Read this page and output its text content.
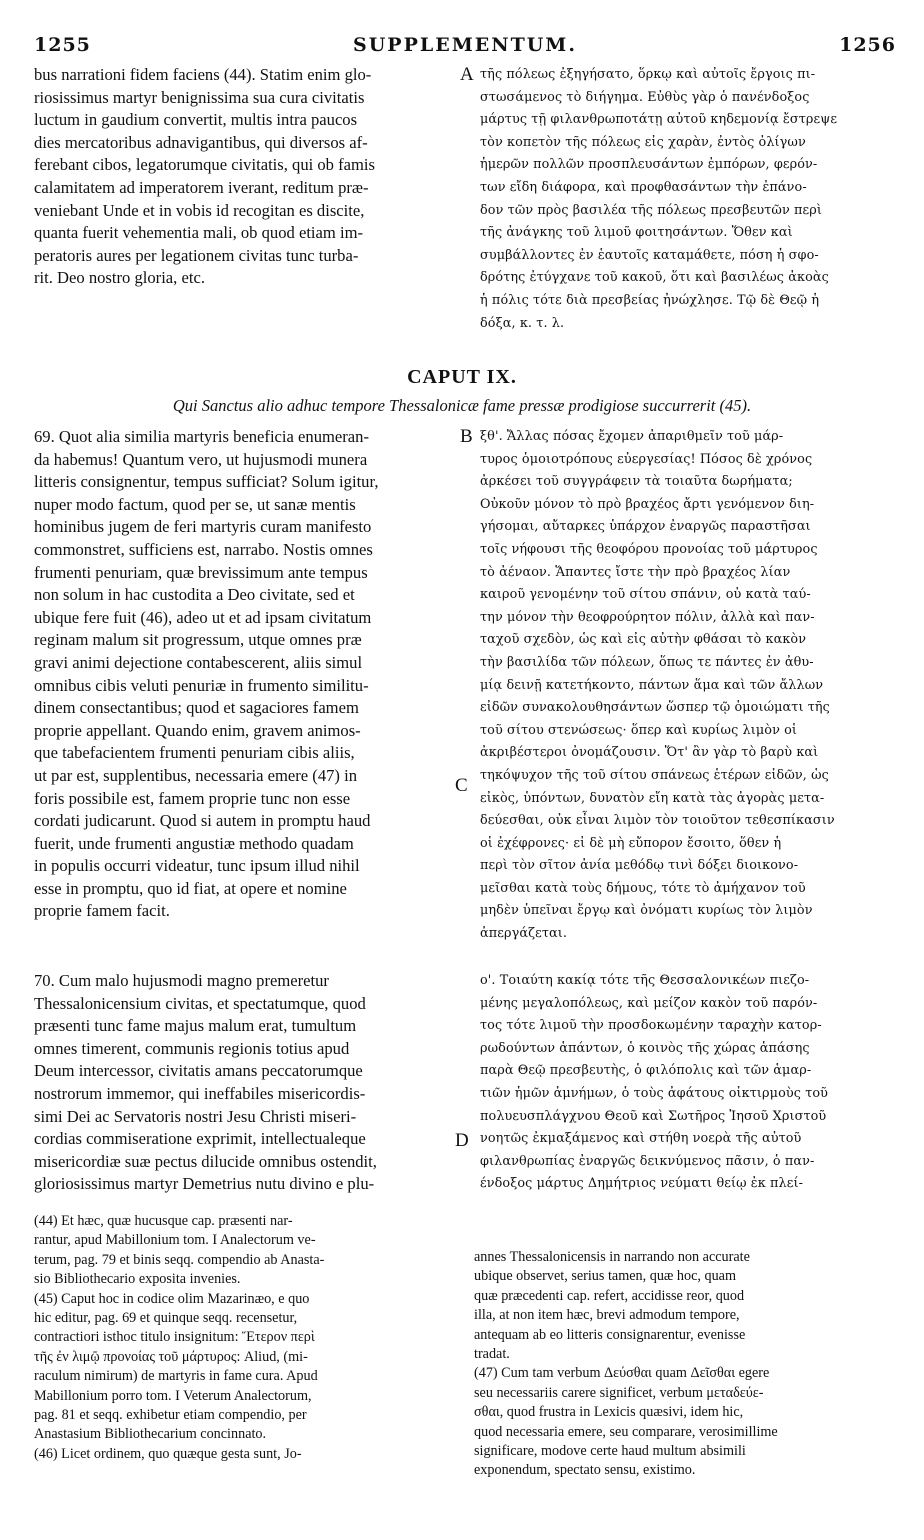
1255	SUPPLEMENTUM.	1256
bus narrationi fidem faciens (44). Statim enim glo-
riosissimus martyr benignissima sua cura civitatis
luctum in gaudium convertit, multis intra paucos
dies mercatoribus adnavigantibus, qui diversos af-
ferebant cibos, legatorumque civitatis, qui ob famis
calamitatem ad imperatorem iverant, reditum præ-
veniebant Unde et in vobis id recogitan es discite,
quanta fuerit vehementia mali, ob quod etiam im-
peratoris aures per legationem civitas tunc turba-
rit. Deo nostro gloria, etc.
A τῆς πόλεως ἐξηγήσατο, ὅρκῳ καὶ αὐτοῖς ἔργοις πι-
στωσάμενος τὸ διήγημα. Εὐθὺς γὰρ ὁ πανένδοξος
μάρτυς τῇ φιλανθρωποτάτῃ αὐτοῦ κηδεμονίᾳ ἔστρεψε
τὸν κοπετὸν τῆς πόλεως εἰς χαρὰν, ἐντὸς ὀλίγων
ἡμερῶν πολλῶν προσπλευσάντων ἐμπόρων, φερόν-
των εἴδη διάφορα, καὶ προφθασάντων τὴν ἐπάνο-
δον τῶν πρὸς βασιλέα τῆς πόλεως πρεσβευτῶν περὶ
τῆς ἀνάγκης τοῦ λιμοῦ φοιτησάντων. Ὅθεν καὶ
συμβάλλοντες ἐν ἑαυτοῖς καταμάθετε, πόση ἡ σφο-
δρότης ἐτύγχανε τοῦ κακοῦ, ὅτι καὶ βασιλέως ἀκοὰς
ἡ πόλις τότε διὰ πρεσβείας ἠνώχλησε. Τῷ δὲ Θεῷ ἡ
δόξα, κ. τ. λ.
CAPUT IX.
Qui Sanctus alio adhuc tempore Thessalonicæ fame pressæ prodigiose succurrerit (45).
69. Quot alia similia martyris beneficia enumeran-
da habemus! Quantum vero, ut hujusmodi munera
litteris consignentur, tempus sufficiat? Solum igitur,
nuper modo factum, quod per se, ut sanæ mentis
hominibus jugem de feri martyris curam manifesto
commonstret, sufficiens est, narrabo. Nostis omnes
frumenti penuriam, quæ brevissimum ante tempus
non solum in hac custodita a Deo civitate, sed et
ubique fere fuit (46), adeo ut et ad ipsam civitatum
reginam malum sit progressum, utque omnes præ
gravi animi dejectione contabescerent, aliis simul
omnibus cibis veluti penuriæ in frumento similitu-
dinem consectantibus; quod et sagaciores famem
proprie appellant. Quando enim, gravem animos-
que tabefacientem frumenti penuriam cibis aliis,
ut par est, supplentibus, necessaria emere (47) in
foris possibile est, famem proprie tunc non esse
cordati judicarunt. Quod si autem in promptu haud
fuerit, unde frumenti angustiæ methodo quadam
in populis occurri videatur, tunc ipsum illud nihil
esse in promptu, quo id fiat, at opere et nomine
proprie famem facit.
B ξθ'. Ἄλλας πόσας ἔχομεν ἀπαριθμεῖν τοῦ μάρ-
τυρος ὁμοιοτρόπους εὐεργεσίας! Πόσος δὲ χρόνος
ἀρκέσει τοῦ συγγράφειν τὰ τοιαῦτα δωρήματα;
Οὐκοῦν μόνον τὸ πρὸ βραχέος ἄρτι γενόμενον διη-
γήσομαι, αὔταρκες ὑπάρχον ἐναργῶς παραστῆσαι
τοῖς νήφουσι τῆς θεοφόρου προνοίας τοῦ μάρτυρος
τὸ ἀέναον. Ἅπαντες ἴστε τὴν πρὸ βραχέος λίαν
καιροῦ γενομένην τοῦ σίτου σπάνιν, οὐ κατὰ ταύ-
την μόνον τὴν θεοφρούρητον πόλιν, ἀλλὰ καὶ παν-
ταχοῦ σχεδὸν, ὡς καὶ εἰς αὐτὴν φθάσαι τὸ κακὸν
τὴν βασιλίδα τῶν πόλεων, ὅπως τε πάντες ἐν ἀθυ-
μίᾳ δεινῇ κατετήκοντο, πάντων ἅμα καὶ τῶν ἄλλων
εἰδῶν συνακολουθησάντων ὥσπερ τῷ ὁμοιώματι τῆς
τοῦ σίτου στενώσεως· ὅπερ καὶ κυρίως λιμὸν οἱ
ἀκριβέστεροι ὀνομάζουσιν. Ὅτ' ἂν γὰρ τὸ βαρὺ καὶ
τηκόψυχον τῆς τοῦ σίτου σπάνεως ἑτέρων εἰδῶν, ὡς
εἰκὸς, ὑπόντων, δυνατὸν εἴη κατὰ τὰς ἀγορὰς μετα-
δεύεσθαι, οὐκ εἶναι λιμὸν τὸν τοιοῦτον τεθεσπίκασιν
οἱ ἐχέφρονες· εἰ δὲ μὴ εὔπορον ἔσοιτο, ὅθεν ἡ
περὶ τὸν σῖτον ἀνία μεθόδῳ τινὶ δόξει διοικονο-
μεῖσθαι κατὰ τοὺς δήμους, τότε τὸ ἀμήχανον τοῦ
μηδὲν ὑπεῖναι ἔργῳ καὶ ὀνόματι κυρίως τὸν λιμὸν
ἀπεργάζεται.
C
70. Cum malo hujusmodi magno premeretur
Thessalonicensium civitas, et spectatumque, quod
præsenti tunc fame majus malum erat, tumultum
omnes timerent, communis regionis totius apud
Deum intercessor, civitatis amans peccatorumque
nostrorum immemor, qui ineffabiles misericordis-
simi Dei ac Servatoris nostri Jesu Christi miseri-
cordias commiseratione exprimit, intellectualeque
misericordiæ suæ pectus dilucide omnibus ostendit,
gloriosissimus martyr Demetrius nutu divino e plu-
ο'. Τοιαύτη κακίᾳ τότε τῆς Θεσσαλονικέων πιεζο-
μένης μεγαλοπόλεως, καὶ μείζον κακὸν τοῦ παρόν-
τος τότε λιμοῦ τὴν προσδοκωμένην ταραχὴν κατορ-
ρωδούντων ἁπάντων, ὁ κοινὸς τῆς χώρας ἁπάσης
παρὰ Θεῷ πρεσβευτὴς, ὁ φιλόπολις καὶ τῶν ἁμαρ-
τιῶν ἡμῶν ἀμνήμων, ὁ τοὺς ἀφάτους οἰκτιρμοὺς τοῦ
πολυευσπλάγχνου Θεοῦ καὶ Σωτῆρος Ἰησοῦ Χριστοῦ
νοητῶς ἐκμαξάμενος καὶ στήθη νοερὰ τῆς αὐτοῦ
φιλανθρωπίας ἐναργῶς δεικνύμενος πᾶσιν, ὁ παν-
ένδοξος μάρτυς Δημήτριος νεύματι θείῳ ἐκ πλεί-
D
(44) Et hæc, quæ hucusque cap. præsenti nar-
rantur, apud Mabillonium tom. I Analectorum ve-
terum, pag. 79 et binis seqq. compendio ab Anasta-
sio Bibliothecario exposita invenies.
(45) Caput hoc in codice olim Mazarinæo, e quo
hic editur, pag. 69 et quinque seqq. recensetur,
contractiori isthoc titulo insignitum: Ἕτερον περὶ
τῆς ἐν λιμῷ προνοίας τοῦ μάρτυρος: Aliud, (mi-
raculum nimirum) de martyris in fame cura. Apud
Mabillonium porro tom. I Veterum Analectorum,
pag. 81 et seqq. exhibetur etiam compendio, per
Anastasium Bibliothecarium concinnato.
(46) Licet ordinem, quo quæque gesta sunt, Jo-
annes Thessalonicensis in narrando non accurate
ubique observet, serius tamen, quæ hoc, quam
quæ præcedenti cap. refert, accidisse reor, quod
illa, at non item hæc, brevi admodum tempore,
antequam ab eo litteris consignarentur, evenisse
tradat.
(47) Cum tam verbum Δεύσθαι quam Δεῖσθαι egere
seu necessariis carere significet, verbum μεταδεύε-
σθαι, quod frustra in Lexicis quæsivi, idem hic,
quod necessaria emere, seu comparare, verosimillime
significare, modove certe haud multum absimili
exponendum, spectato sensu, existimo.
